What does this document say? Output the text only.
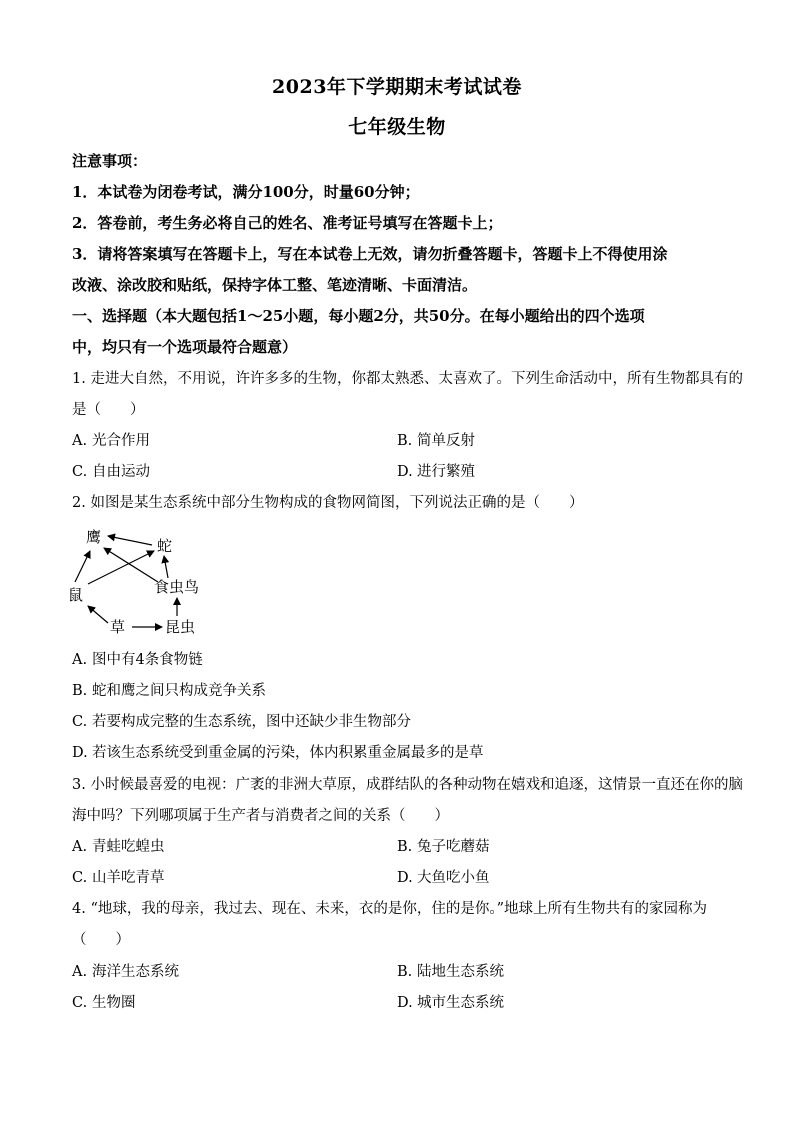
2023年下学期期末考试试卷
七年级生物
注意事项：
1．本试卷为闭卷考试，满分100分，时量60分钟；
2．答卷前，考生务必将自己的姓名、准考证号填写在答题卡上；
3．请将答案填写在答题卡上，写在本试卷上无效，请勿折叠答题卡，答题卡上不得使用涂
改液、涂改胶和贴纸，保持字体工整、笔迹清晰、卡面清洁。
一、选择题（本大题包括1～25小题，每小题2分，共50分。在每小题给出的四个选项
中，均只有一个选项最符合题意）
1. 走进大自然，不用说，许许多多的生物，你都太熟悉、太喜欢了。下列生命活动中，所有生物都具有的
是（　　）
A. 光合作用	B. 简单反射
C. 自由运动	D. 进行繁殖
2. 如图是某生态系统中部分生物构成的食物网简图，下列说法正确的是（　　）
鹰	蛇
食虫鸟
鼠
草	昆虫
A. 图中有4条食物链
B. 蛇和鹰之间只构成竞争关系
C. 若要构成完整的生态系统，图中还缺少非生物部分
D. 若该生态系统受到重金属的污染，体内积累重金属最多的是草
3. 小时候最喜爱的电视：广袤的非洲大草原，成群结队的各种动物在嬉戏和追逐，这情景一直还在你的脑
海中吗？下列哪项属于生产者与消费者之间的关系（　　）
A. 青蛙吃蝗虫	B. 兔子吃蘑菇
C. 山羊吃青草	D. 大鱼吃小鱼
4. “地球，我的母亲，我过去、现在、未来，衣的是你，住的是你。”地球上所有生物共有的家园称为
（　　）
A. 海洋生态系统	B. 陆地生态系统
C. 生物圈	D. 城市生态系统
